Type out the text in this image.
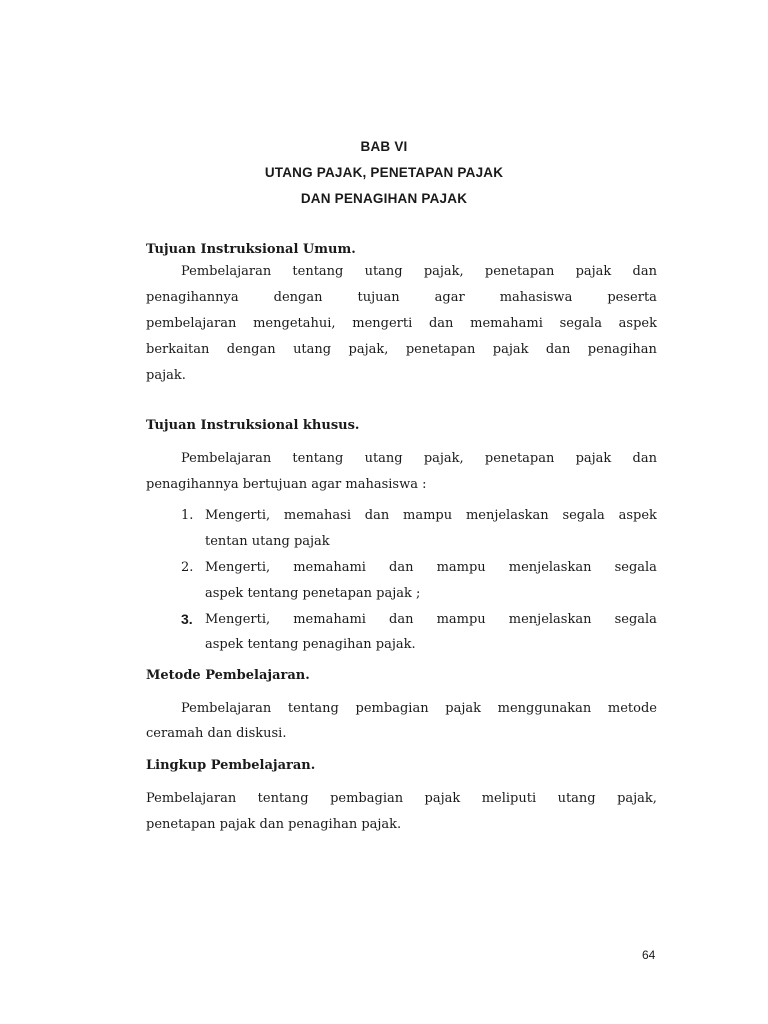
BAB VI
UTANG PAJAK, PENETAPAN PAJAK
DAN PENAGIHAN PAJAK
Tujuan Instruksional Umum.
Pembelajaran tentang utang pajak, penetapan pajak dan
penagihannya	dengan	tujuan	agar	mahasiswa	peserta
pembelajaran mengetahui, mengerti dan memahami segala aspek
berkaitan dengan utang pajak, penetapan pajak dan penagihan
pajak.
Tujuan Instruksional khusus.
Pembelajaran tentang utang pajak, penetapan pajak dan
penagihannya bertujuan agar mahasiswa :
1. Mengerti, memahasi dan mampu menjelaskan segala aspek
tentan utang pajak
2. Mengerti, memahami dan mampu menjelaskan segala
aspek tentang penetapan pajak ;
3. Mengerti, memahami dan mampu menjelaskan segala
aspek tentang penagihan pajak.
Metode Pembelajaran.
Pembelajaran tentang pembagian pajak menggunakan metode
ceramah dan diskusi.
Lingkup Pembelajaran.
Pembelajaran tentang pembagian pajak meliputi utang pajak,
penetapan pajak dan penagihan pajak.
64
